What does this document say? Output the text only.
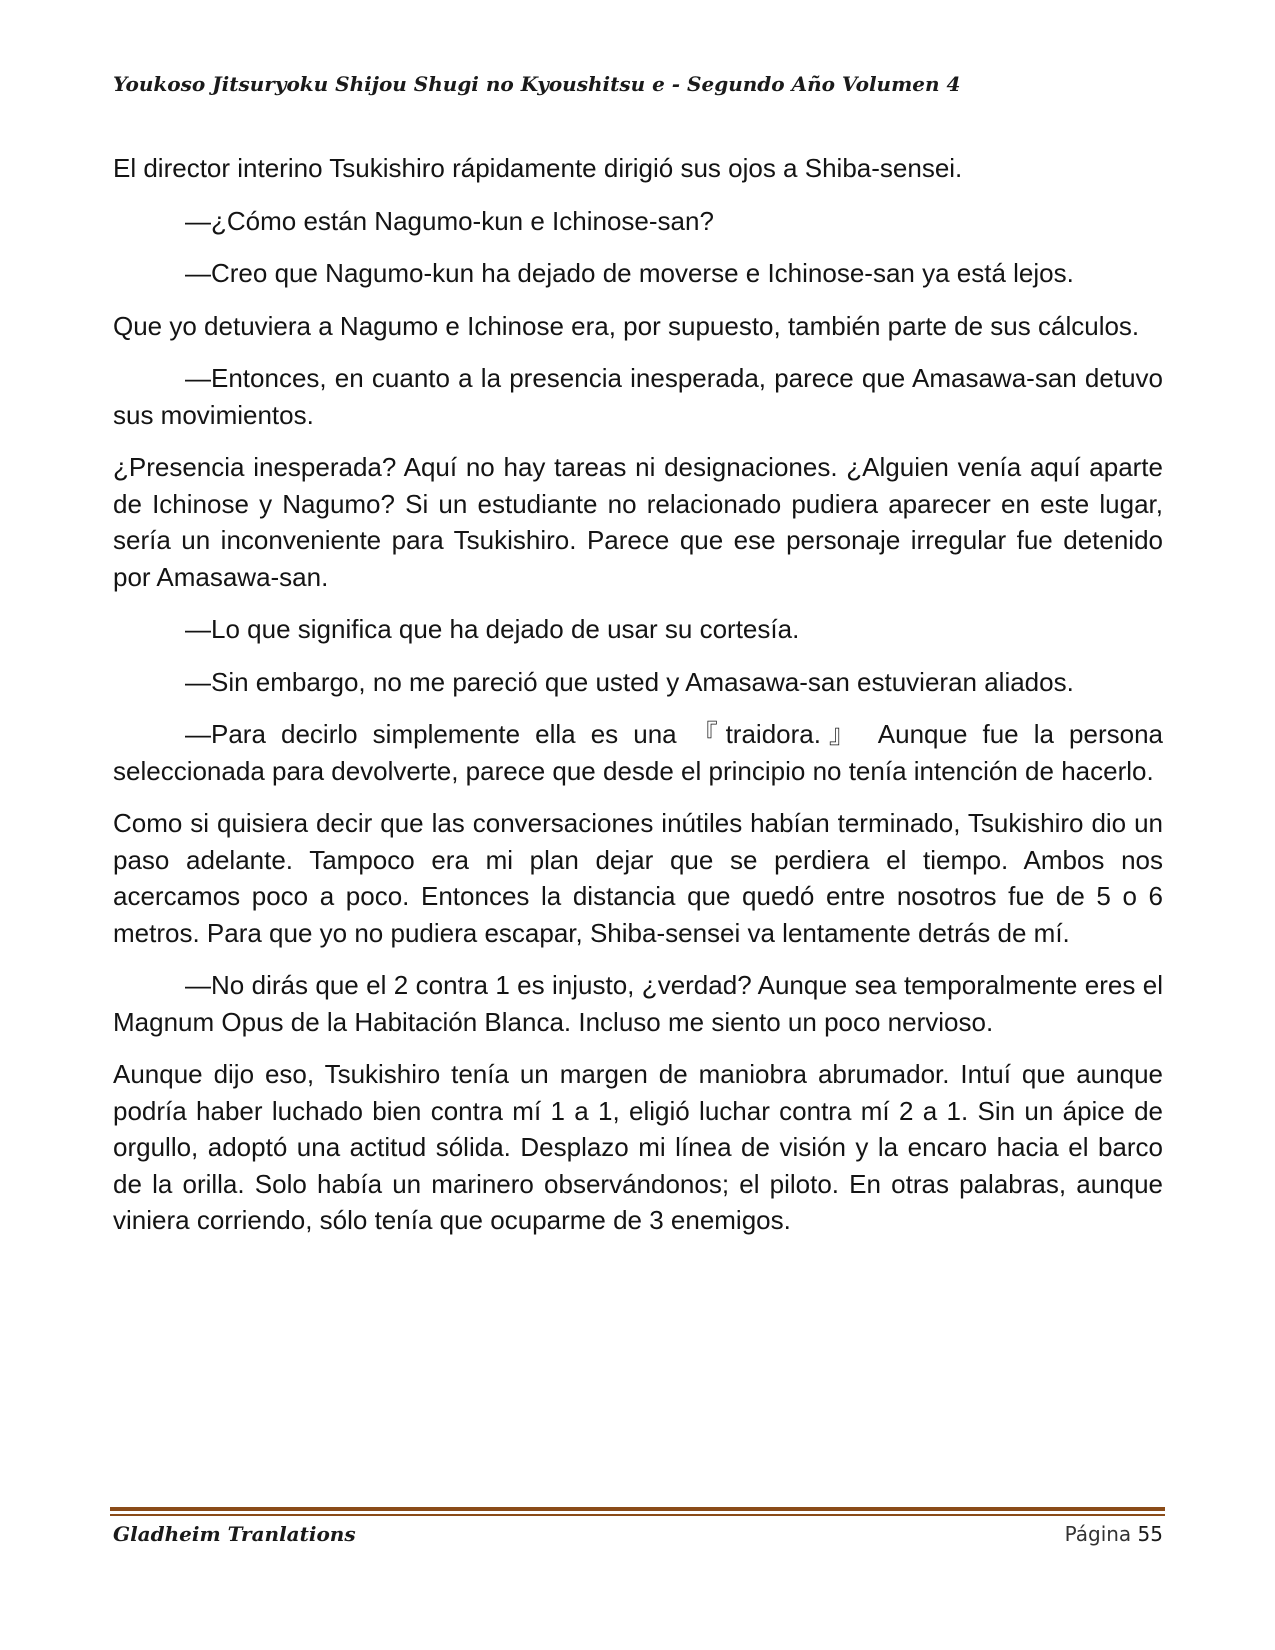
Youkoso Jitsuryoku Shijou Shugi no Kyoushitsu e - Segundo Año Volumen 4

El director interino Tsukishiro rápidamente dirigió sus ojos a Shiba-sensei.

—¿Cómo están Nagumo-kun e Ichinose-san?

—Creo que Nagumo-kun ha dejado de moverse e Ichinose-san ya está lejos.

Que yo detuviera a Nagumo e Ichinose era, por supuesto, también parte de sus cálculos.

—Entonces, en cuanto a la presencia inesperada, parece que Amasawa-san detuvo sus movimientos.

¿Presencia inesperada? Aquí no hay tareas ni designaciones. ¿Alguien venía aquí aparte de Ichinose y Nagumo? Si un estudiante no relacionado pudiera aparecer en este lugar, sería un inconveniente para Tsukishiro. Parece que ese personaje irregular fue detenido por Amasawa-san.

—Lo que significa que ha dejado de usar su cortesía.

—Sin embargo, no me pareció que usted y Amasawa-san estuvieran aliados.

—Para decirlo simplemente ella es una 『traidora.』 Aunque fue la persona seleccionada para devolverte, parece que desde el principio no tenía intención de hacerlo.

Como si quisiera decir que las conversaciones inútiles habían terminado, Tsukishiro dio un paso adelante. Tampoco era mi plan dejar que se perdiera el tiempo. Ambos nos acercamos poco a poco. Entonces la distancia que quedó entre nosotros fue de 5 o 6 metros. Para que yo no pudiera escapar, Shiba-sensei va lentamente detrás de mí.

—No dirás que el 2 contra 1 es injusto, ¿verdad? Aunque sea temporalmente eres el Magnum Opus de la Habitación Blanca. Incluso me siento un poco nervioso.

Aunque dijo eso, Tsukishiro tenía un margen de maniobra abrumador. Intuí que aunque podría haber luchado bien contra mí 1 a 1, eligió luchar contra mí 2 a 1. Sin un ápice de orgullo, adoptó una actitud sólida. Desplazo mi línea de visión y la encaro hacia el barco de la orilla. Solo había un marinero observándonos; el piloto. En otras palabras, aunque viniera corriendo, sólo tenía que ocuparme de 3 enemigos.

Gladheim Tranlations	Página 55
